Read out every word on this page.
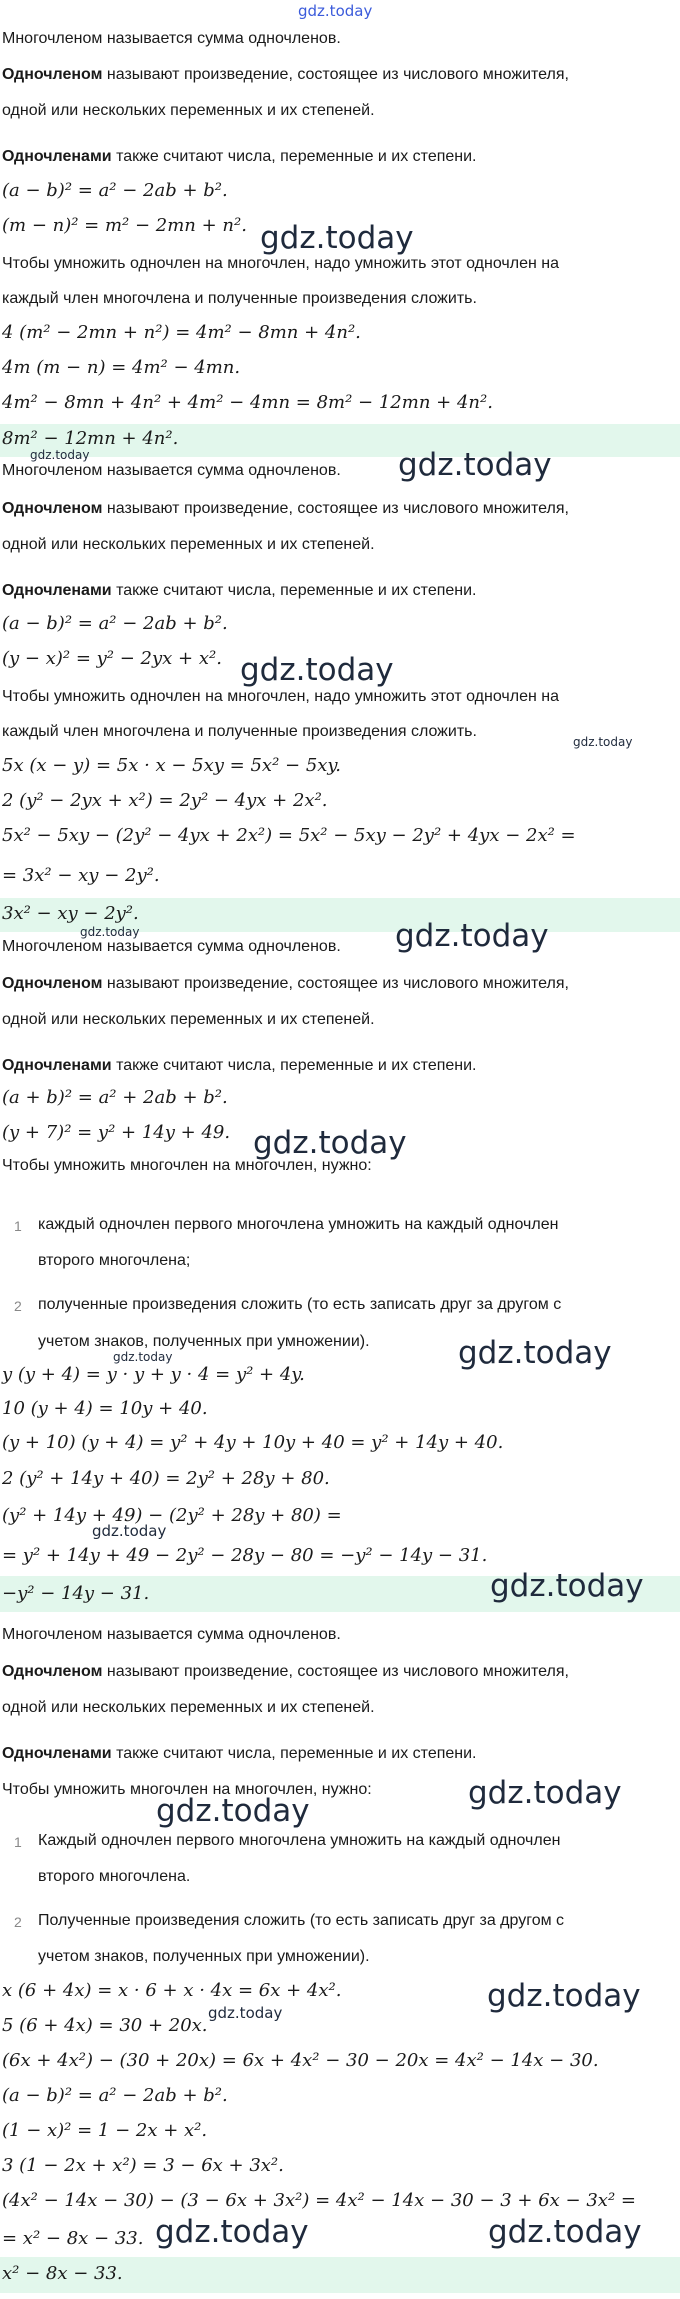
gdz.today
Многочленом называется сумма одночленов.
Одночленом называют произведение, состоящее из числового множителя,
одной или нескольких переменных и их степеней.
Одночленами также считают числа, переменные и их степени.
(a − b)² = a² − 2ab + b².
(m − n)² = m² − 2mn + n². gdz.today
Чтобы умножить одночлен на многочлен, надо умножить этот одночлен на
каждый член многочлена и полученные произведения сложить.
4 (m² − 2mn + n²) = 4m² − 8mn + 4n².
4m (m − n) = 4m² − 4mn.
4m² − 8mn + 4n² + 4m² − 4mn = 8m² − 12mn + 4n².
8m² − 12mn + 4n².
gdz.today
Многочленом называется сумма одночленов. gdz.today
Одночленом называют произведение, состоящее из числового множителя,
одной или нескольких переменных и их степеней.
Одночленами также считают числа, переменные и их степени.
(a − b)² = a² − 2ab + b².
(y − x)² = y² − 2yx + x². gdz.today
Чтобы умножить одночлен на многочлен, надо умножить этот одночлен на
каждый член многочлена и полученные произведения сложить.
gdz.today
5x (x − y) = 5x · x − 5xy = 5x² − 5xy.
2 (y² − 2yx + x²) = 2y² − 4yx + 2x².
5x² − 5xy − (2y² − 4yx + 2x²) = 5x² − 5xy − 2y² + 4yx − 2x² =
= 3x² − xy − 2y².
3x² − xy − 2y².
gdz.today
Многочленом называется сумма одночленов. gdz.today
Одночленом называют произведение, состоящее из числового множителя,
одной или нескольких переменных и их степеней.
Одночленами также считают числа, переменные и их степени.
(a + b)² = a² + 2ab + b².
(y + 7)² = y² + 14y + 49. gdz.today
Чтобы умножить многочлен на многочлен, нужно:
1 каждый одночлен первого многочлена умножить на каждый одночлен
второго многочлена;
2 полученные произведения сложить (то есть записать друг за другом с
учетом знаков, полученных при умножении).
gdz.today	gdz.today
y (y + 4) = y · y + y · 4 = y² + 4y.
10 (y + 4) = 10y + 40.
(y + 10) (y + 4) = y² + 4y + 10y + 40 = y² + 14y + 40.
2 (y² + 14y + 40) = 2y² + 28y + 80.
(y² + 14y + 49) − (2y² + 28y + 80) =
gdz.today
= y² + 14y + 49 − 2y² − 28y − 80 = −y² − 14y − 31.
−y² − 14y − 31.	gdz.today
Многочленом называется сумма одночленов.
Одночленом называют произведение, состоящее из числового множителя,
одной или нескольких переменных и их степеней.
Одночленами также считают числа, переменные и их степени.
Чтобы умножить многочлен на многочлен, нужно:	gdz.today
gdz.today
1 Каждый одночлен первого многочлена умножить на каждый одночлен
второго многочлена.
2 Полученные произведения сложить (то есть записать друг за другом с
учетом знаков, полученных при умножении).
x (6 + 4x) = x · 6 + x · 4x = 6x + 4x².	gdz.today
5 (6 + 4x) = 30 + 20x.
gdz.today
(6x + 4x²) − (30 + 20x) = 6x + 4x² − 30 − 20x = 4x² − 14x − 30.
(a − b)² = a² − 2ab + b².
(1 − x)² = 1 − 2x + x².
3 (1 − 2x + x²) = 3 − 6x + 3x².
(4x² − 14x − 30) − (3 − 6x + 3x²) = 4x² − 14x − 30 − 3 + 6x − 3x² =
= x² − 8x − 33. gdz.today	gdz.today
x² − 8x − 33.
